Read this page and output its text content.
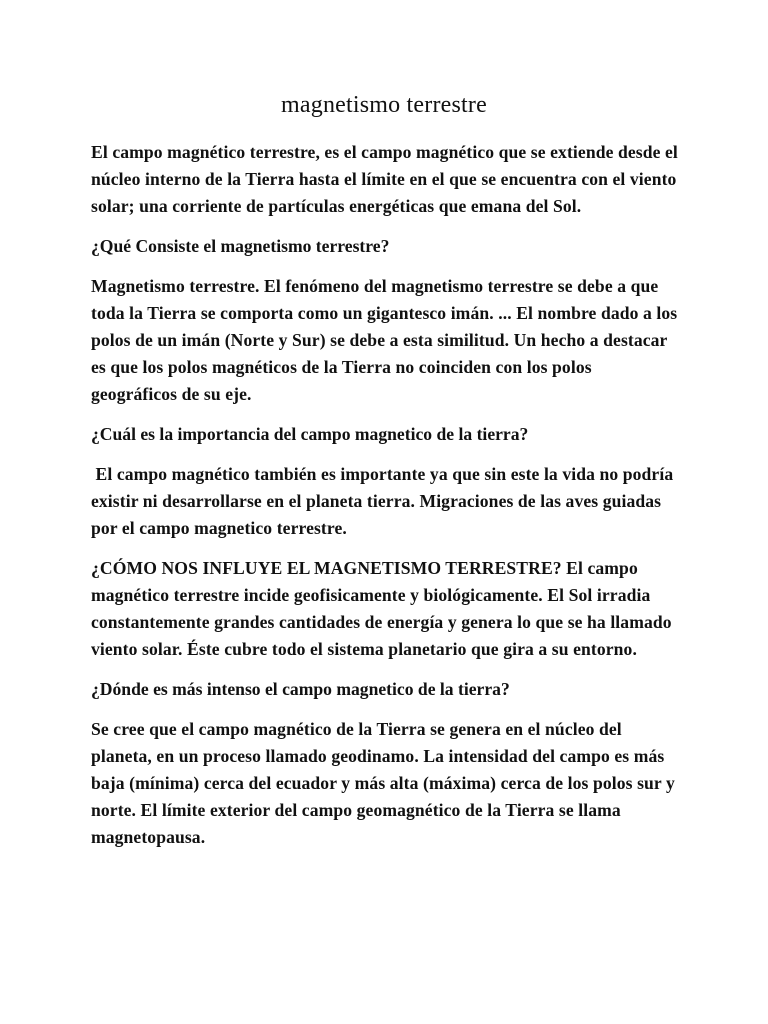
magnetismo terrestre

El campo magnético terrestre, es el campo magnético que se extiende desde el núcleo interno de la Tierra hasta el límite en el que se encuentra con el viento solar; una corriente de partículas energéticas que emana del Sol.

¿Qué Consiste el magnetismo terrestre?

Magnetismo terrestre. El fenómeno del magnetismo terrestre se debe a que toda la Tierra se comporta como un gigantesco imán. ... El nombre dado a los polos de un imán (Norte y Sur) se debe a esta similitud. Un hecho a destacar es que los polos magnéticos de la Tierra no coinciden con los polos geográficos de su eje.

¿Cuál es la importancia del campo magnetico de la tierra?

El campo magnético también es importante ya que sin este la vida no podría existir ni desarrollarse en el planeta tierra. Migraciones de las aves guiadas por el campo magnetico terrestre.

¿CÓMO NOS INFLUYE EL MAGNETISMO TERRESTRE? El campo magnético terrestre incide geofisicamente y biológicamente. El Sol irradia constantemente grandes cantidades de energía y genera lo que se ha llamado viento solar. Éste cubre todo el sistema planetario que gira a su entorno.

¿Dónde es más intenso el campo magnetico de la tierra?

Se cree que el campo magnético de la Tierra se genera en el núcleo del planeta, en un proceso llamado geodinamo. La intensidad del campo es más baja (mínima) cerca del ecuador y más alta (máxima) cerca de los polos sur y norte. El límite exterior del campo geomagnético de la Tierra se llama magnetopausa.
